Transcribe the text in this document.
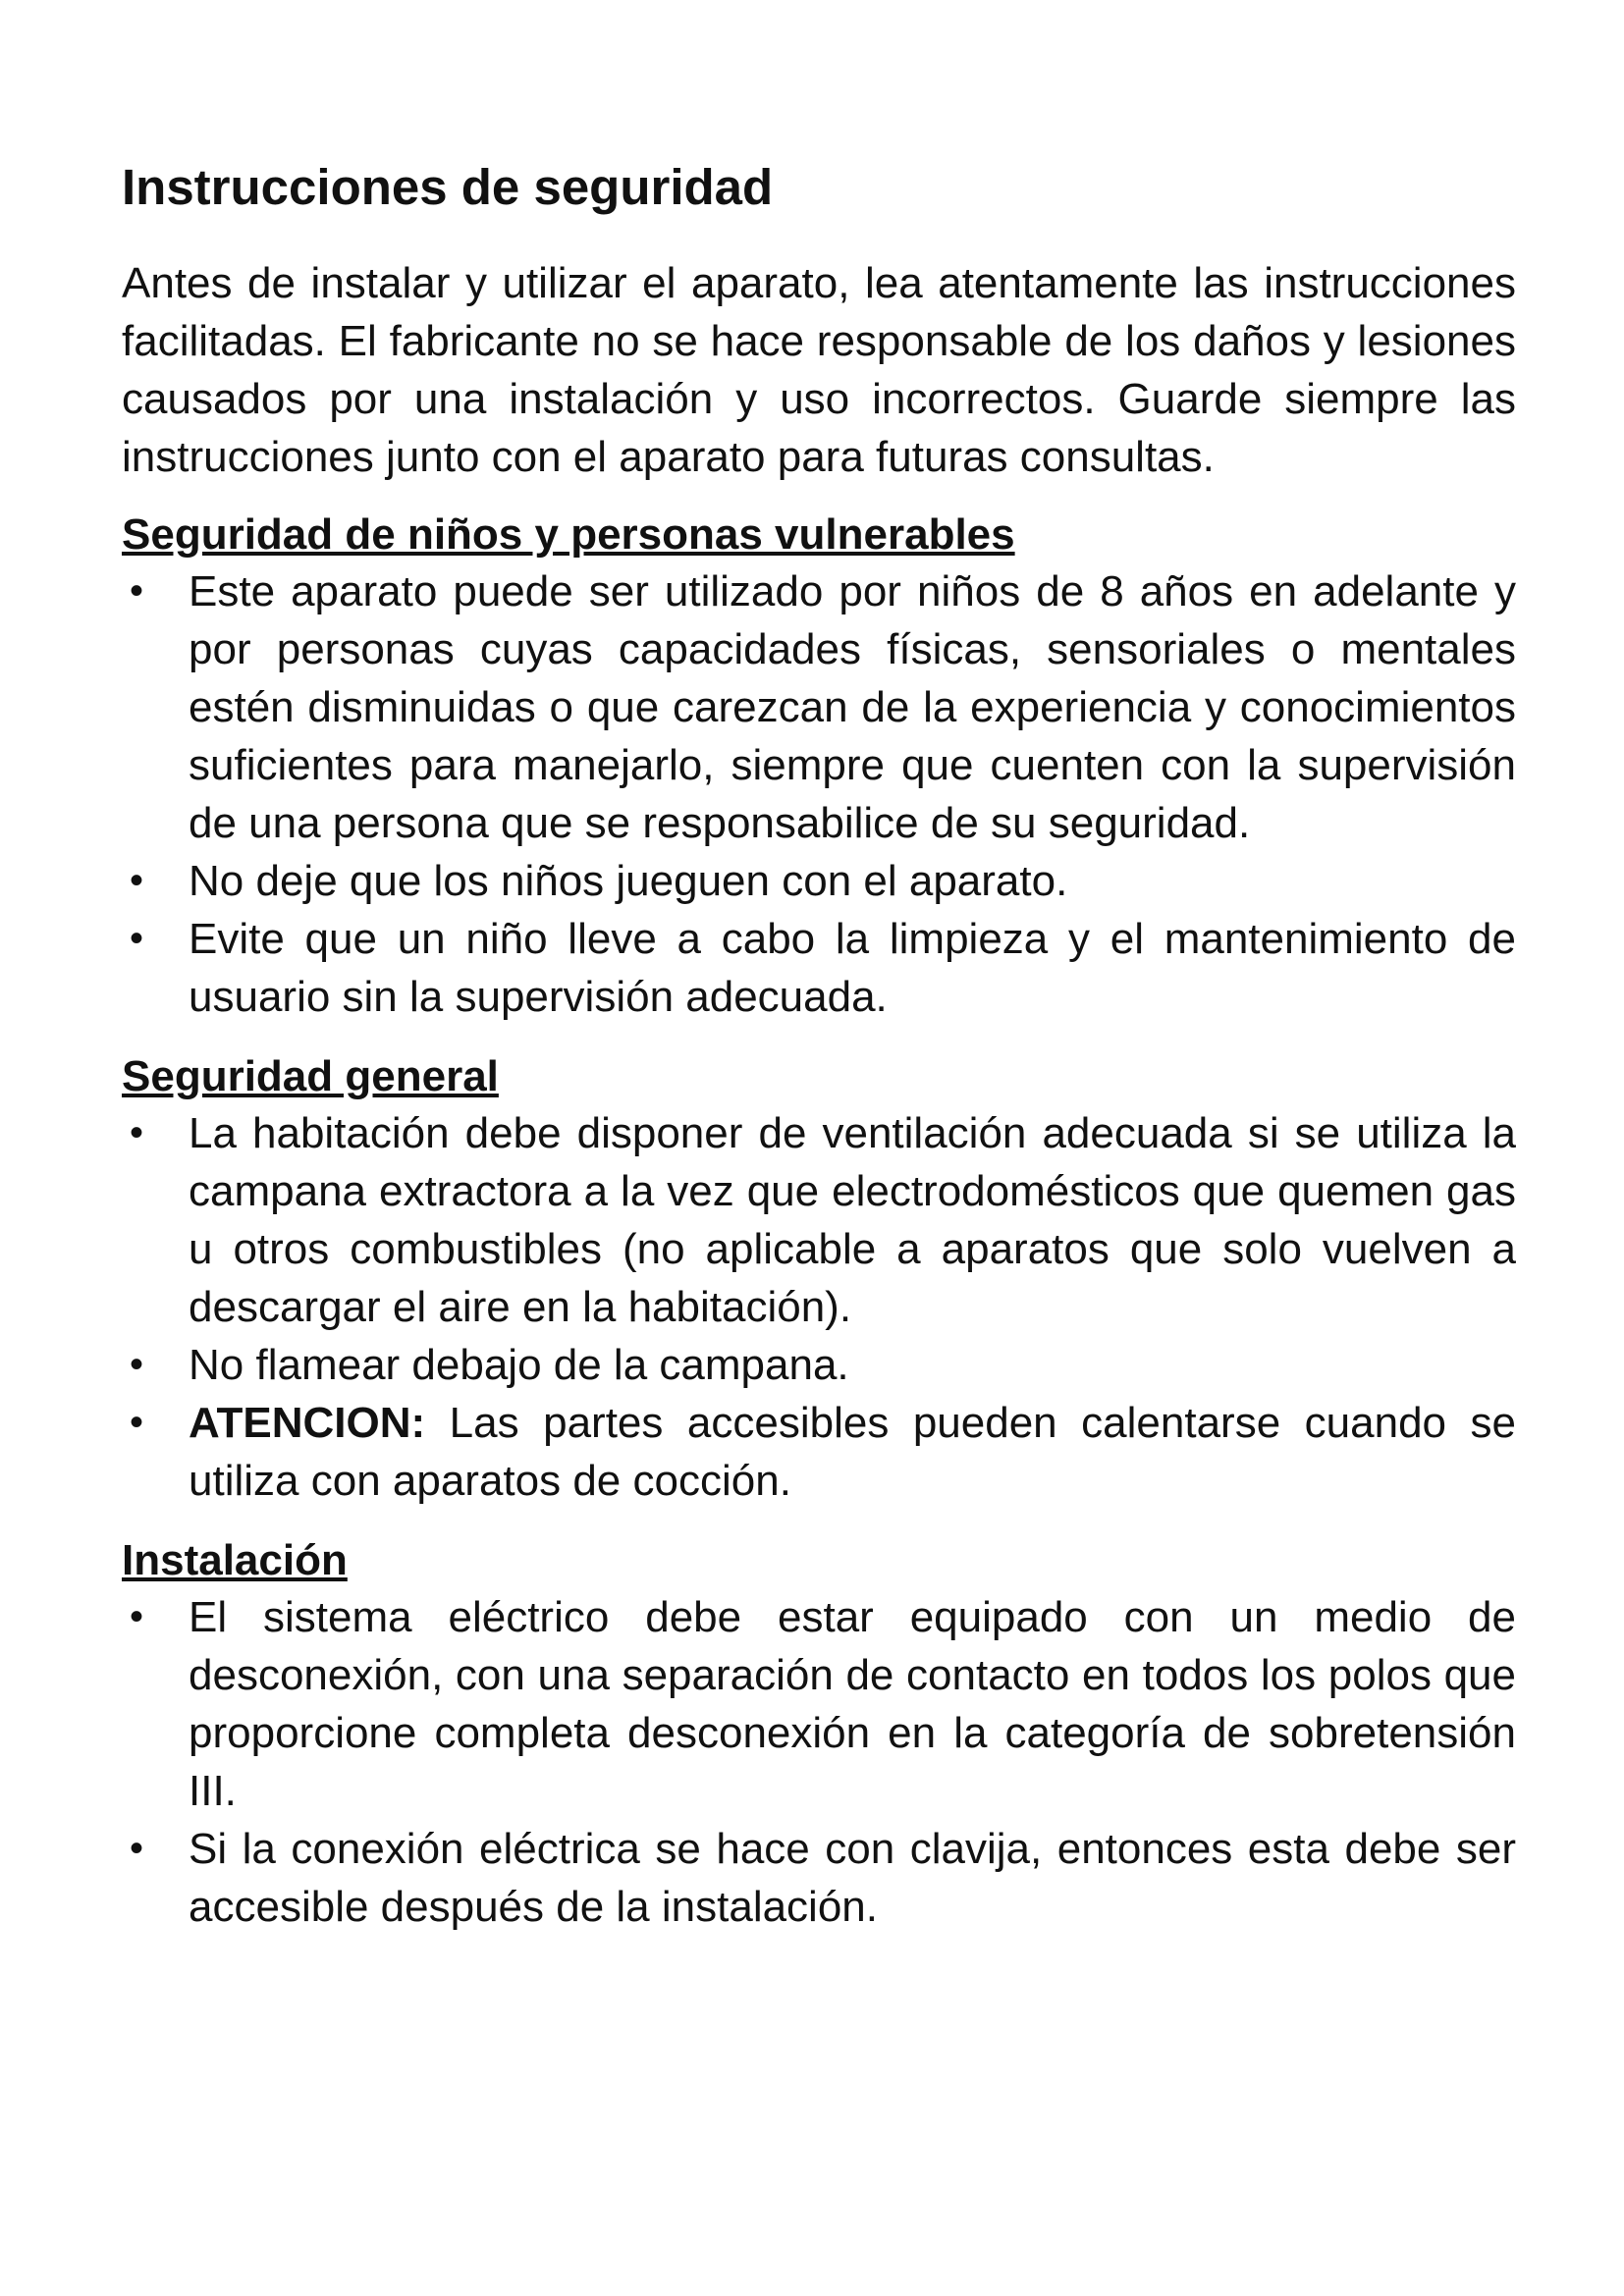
Instrucciones de seguridad

Antes de instalar y utilizar el aparato, lea atentamente las instrucciones facilitadas. El fabricante no se hace responsable de los daños y lesiones causados por una instalación y uso incorrectos. Guarde siempre las instrucciones junto con el aparato para futuras consultas.

Seguridad de niños y personas vulnerables
• Este aparato puede ser utilizado por niños de 8 años en adelante y por personas cuyas capacidades físicas, sensoriales o mentales estén disminuidas o que carezcan de la experiencia y conocimientos suficientes para manejarlo, siempre que cuenten con la supervisión de una persona que se responsabilice de su seguridad.
• No deje que los niños jueguen con el aparato.
• Evite que un niño lleve a cabo la limpieza y el mantenimiento de usuario sin la supervisión adecuada.
Seguridad general
• La habitación debe disponer de ventilación adecuada si se utiliza la campana extractora a la vez que electrodomésticos que quemen gas u otros combustibles (no aplicable a aparatos que solo vuelven a descargar el aire en la habitación).
• No flamear debajo de la campana.
• ATENCION: Las partes accesibles pueden calentarse cuando se utiliza con aparatos de cocción.
Instalación
• El sistema eléctrico debe estar equipado con un medio de desconexión, con una separación de contacto en todos los polos que proporcione completa desconexión en la categoría de sobretensión III.
• Si la conexión eléctrica se hace con clavija, entonces esta debe ser accesible después de la instalación.
